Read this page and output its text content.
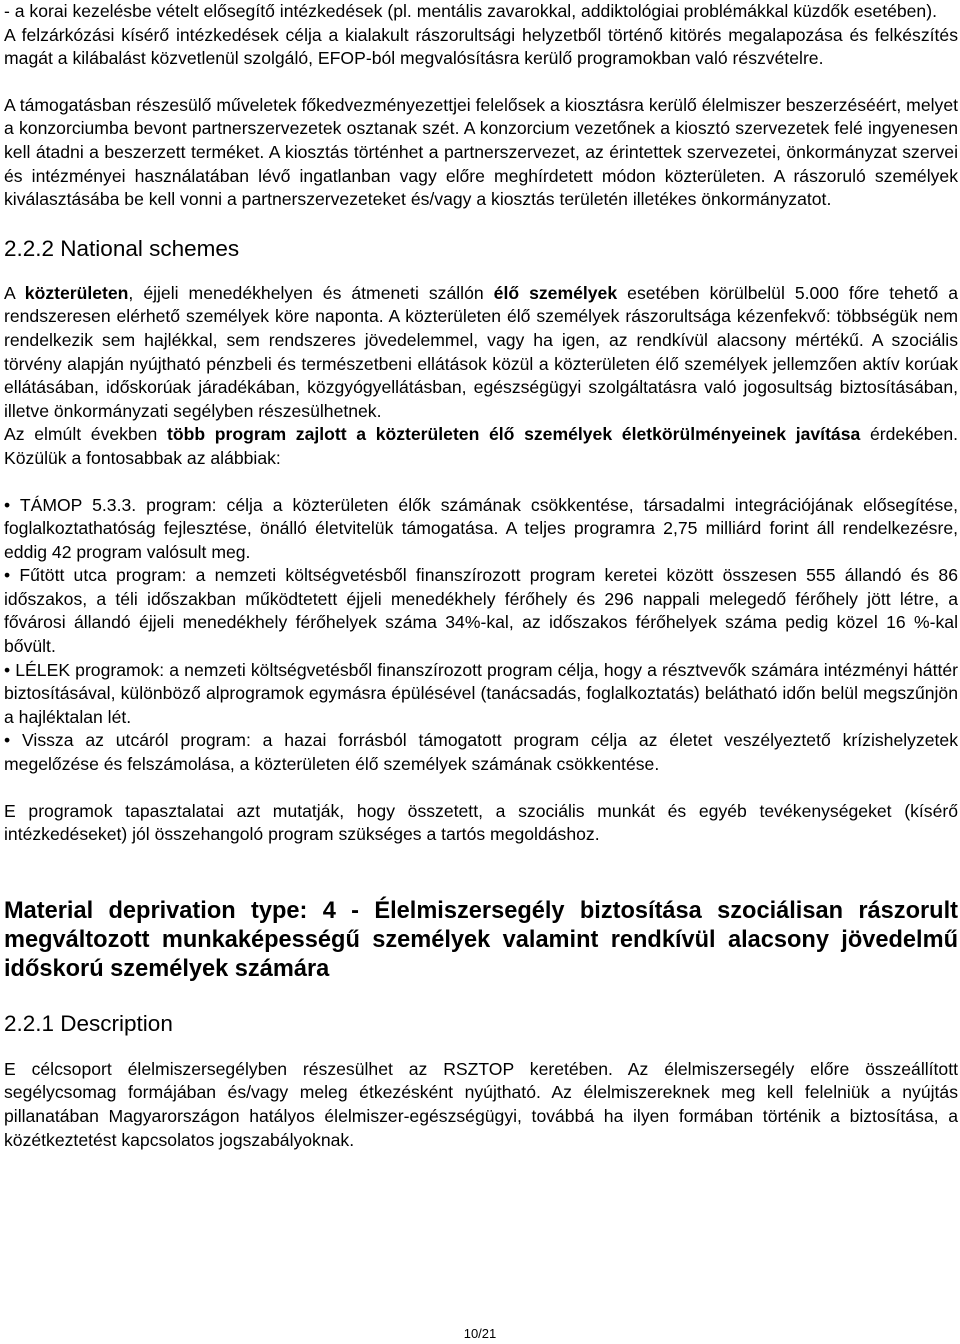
- a korai kezelésbe vételt elősegítő intézkedések (pl. mentális zavarokkal, addiktológiai problémákkal küzdők esetében).

A felzárkózási kísérő intézkedések célja a kialakult rászorultsági helyzetből történő kitörés megalapozása és felkészítés magát a kilábalást közvetlenül szolgáló, EFOP-ból megvalósításra kerülő programokban való részvételre.

A támogatásban részesülő műveletek főkedvezményezettjei felelősek a kiosztásra kerülő élelmiszer beszerzéséért, melyet a konzorciumba bevont partnerszervezetek osztanak szét. A konzorcium vezetőnek a kiosztó szervezetek felé ingyenesen kell átadni a beszerzett terméket. A kiosztás történhet a partnerszervezet, az érintettek szervezetei, önkormányzat szervei és intézményei használatában lévő ingatlanban vagy előre meghírdetett módon közterületen. A rászoruló személyek kiválasztásába be kell vonni a partnerszervezeteket és/vagy a kiosztás területén illetékes önkormányzatot.

2.2.2 National schemes

A közterületen, éjjeli menedékhelyen és átmeneti szállón élő személyek esetében körülbelül 5.000 főre tehető a rendszeresen elérhető személyek köre naponta. A közterületen élő személyek rászorultsága kézenfekvő: többségük nem rendelkezik sem hajlékkal, sem rendszeres jövedelemmel, vagy ha igen, az rendkívül alacsony mértékű. A szociális törvény alapján nyújtható pénzbeli és természetbeni ellátások közül a közterületen élő személyek jellemzően aktív korúak ellátásában, időskorúak járadékában, közgyógyellátásban, egészségügyi szolgáltatásra való jogosultság biztosításában, illetve önkormányzati segélyben részesülhetnek.

Az elmúlt években több program zajlott a közterületen élő személyek életkörülményeinek javítása érdekében. Közülük a fontosabbak az alábbiak:

• TÁMOP 5.3.3. program: célja a közterületen élők számának csökkentése, társadalmi integrációjának elősegítése, foglalkoztathatóság fejlesztése, önálló életvitelük támogatása. A teljes programra 2,75 milliárd forint áll rendelkezésre, eddig 42 program valósult meg.

• Fűtött utca program: a nemzeti költségvetésből finanszírozott program keretei között összesen 555 állandó és 86 időszakos, a téli időszakban működtetett éjjeli menedékhely férőhely és 296 nappali melegedő férőhely jött létre, a fővárosi állandó éjjeli menedékhely férőhelyek száma 34%-kal, az időszakos férőhelyek száma pedig közel 16 %-kal bővült.

• LÉLEK programok: a nemzeti költségvetésből finanszírozott program célja, hogy a résztvevők számára intézményi háttér biztosításával, különböző alprogramok egymásra épülésével (tanácsadás, foglalkoztatás) belátható időn belül megszűnjön a hajléktalan lét.

• Vissza az utcáról program: a hazai forrásból támogatott program célja az életet veszélyeztető krízishelyzetek megelőzése és felszámolása, a közterületen élő személyek számának csökkentése.

E programok tapasztalatai azt mutatják, hogy összetett, a szociális munkát és egyéb tevékenységeket (kísérő intézkedéseket) jól összehangoló program szükséges a tartós megoldáshoz.

Material deprivation type: 4 - Élelmiszersegély biztosítása szociálisan rászorult megváltozott munkaképességű személyek valamint rendkívül alacsony jövedelmű időskorú személyek számára
2.2.1 Description

E célcsoport élelmiszersegélyben részesülhet az RSZTOP keretében. Az élelmiszersegély előre összeállított segélycsomag formájában és/vagy meleg étkezésként nyújtható. Az élelmiszereknek meg kell felelniük a nyújtás pillanatában Magyarországon hatályos élelmiszer-egészségügyi, továbbá ha ilyen formában történik a biztosítása, a közétkeztetést kapcsolatos jogszabályoknak.

10/21
